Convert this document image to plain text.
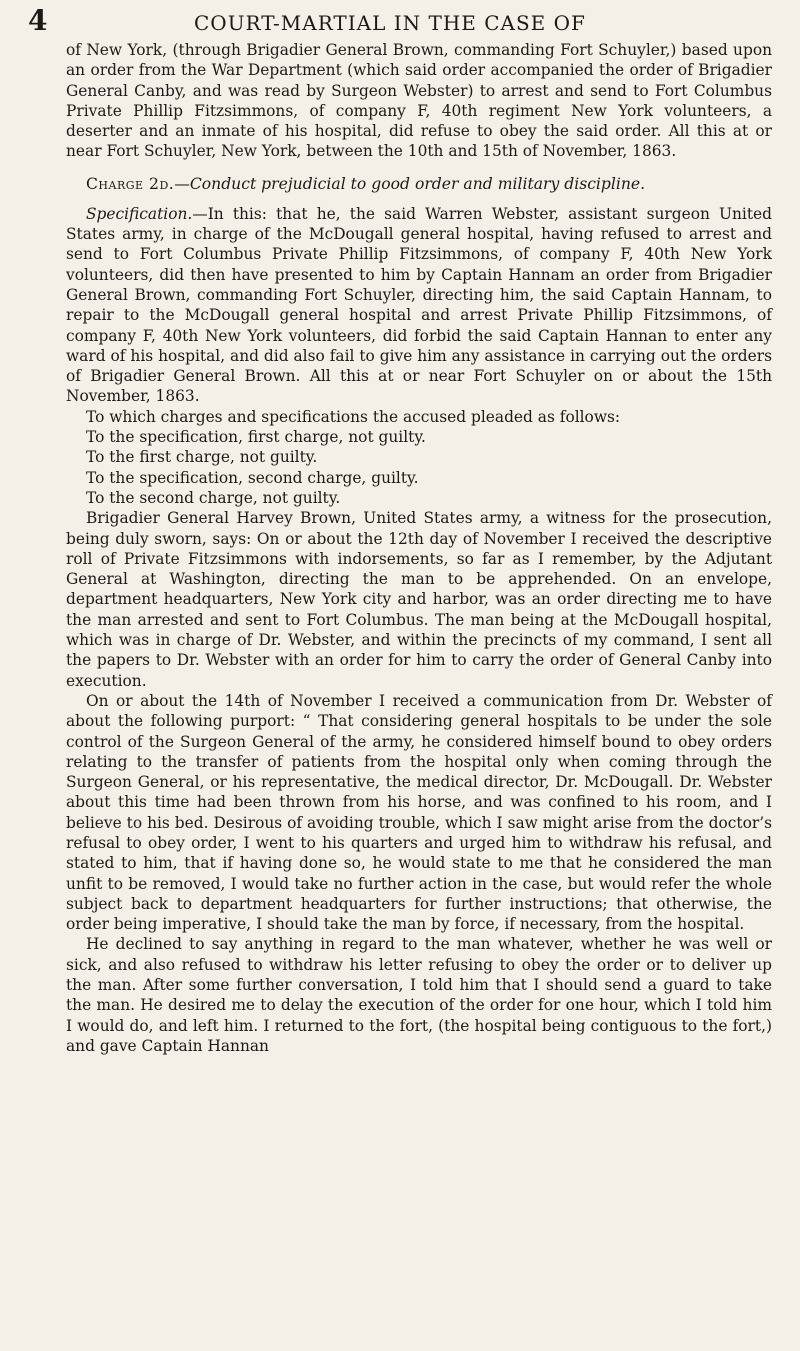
4	COURT-MARTIAL IN THE CASE OF

of New York, (through Brigadier General Brown, commanding Fort Schuyler,) based upon an order from the War Department (which said order accompanied the order of Brigadier General Canby, and was read by Surgeon Webster) to arrest and send to Fort Columbus Private Phillip Fitzsimmons, of company F, 40th regiment New York volunteers, a deserter and an inmate of his hospital, did refuse to obey the said order. All this at or near Fort Schuyler, New York, between the 10th and 15th of November, 1863.

Charge 2d.—Conduct prejudicial to good order and military discipline.

Specification.—In this: that he, the said Warren Webster, assistant surgeon United States army, in charge of the McDougall general hospital, having refused to arrest and send to Fort Columbus Private Phillip Fitzsimmons, of company F, 40th New York volunteers, did then have presented to him by Captain Hannam an order from Brigadier General Brown, commanding Fort Schuyler, directing him, the said Captain Hannam, to repair to the McDougall general hospital and arrest Private Phillip Fitzsimmons, of company F, 40th New York volunteers, did forbid the said Captain Hannan to enter any ward of his hospital, and did also fail to give him any assistance in carrying out the orders of Brigadier General Brown. All this at or near Fort Schuyler on or about the 15th November, 1863.

To which charges and specifications the accused pleaded as follows:

To the specification, first charge, not guilty.

To the first charge, not guilty.

To the specification, second charge, guilty.

To the second charge, not guilty.

Brigadier General Harvey Brown, United States army, a witness for the prosecution, being duly sworn, says: On or about the 12th day of November I received the descriptive roll of Private Fitzsimmons with indorsements, so far as I remember, by the Adjutant General at Washington, directing the man to be apprehended. On an envelope, department headquarters, New York city and harbor, was an order directing me to have the man arrested and sent to Fort Columbus. The man being at the McDougall hospital, which was in charge of Dr. Webster, and within the precincts of my command, I sent all the papers to Dr. Webster with an order for him to carry the order of General Canby into execution.

On or about the 14th of November I received a communication from Dr. Webster of about the following purport: “ That considering general hospitals to be under the sole control of the Surgeon General of the army, he considered himself bound to obey orders relating to the transfer of patients from the hospital only when coming through the Surgeon General, or his representative, the medical director, Dr. McDougall. Dr. Webster about this time had been thrown from his horse, and was confined to his room, and I believe to his bed. Desirous of avoiding trouble, which I saw might arise from the doctor’s refusal to obey order, I went to his quarters and urged him to withdraw his refusal, and stated to him, that if having done so, he would state to me that he considered the man unfit to be removed, I would take no further action in the case, but would refer the whole subject back to department headquarters for further instructions; that otherwise, the order being imperative, I should take the man by force, if necessary, from the hospital.

He declined to say anything in regard to the man whatever, whether he was well or sick, and also refused to withdraw his letter refusing to obey the order or to deliver up the man. After some further conversation, I told him that I should send a guard to take the man. He desired me to delay the execution of the order for one hour, which I told him I would do, and left him. I returned to the fort, (the hospital being contiguous to the fort,) and gave Captain Hannan
